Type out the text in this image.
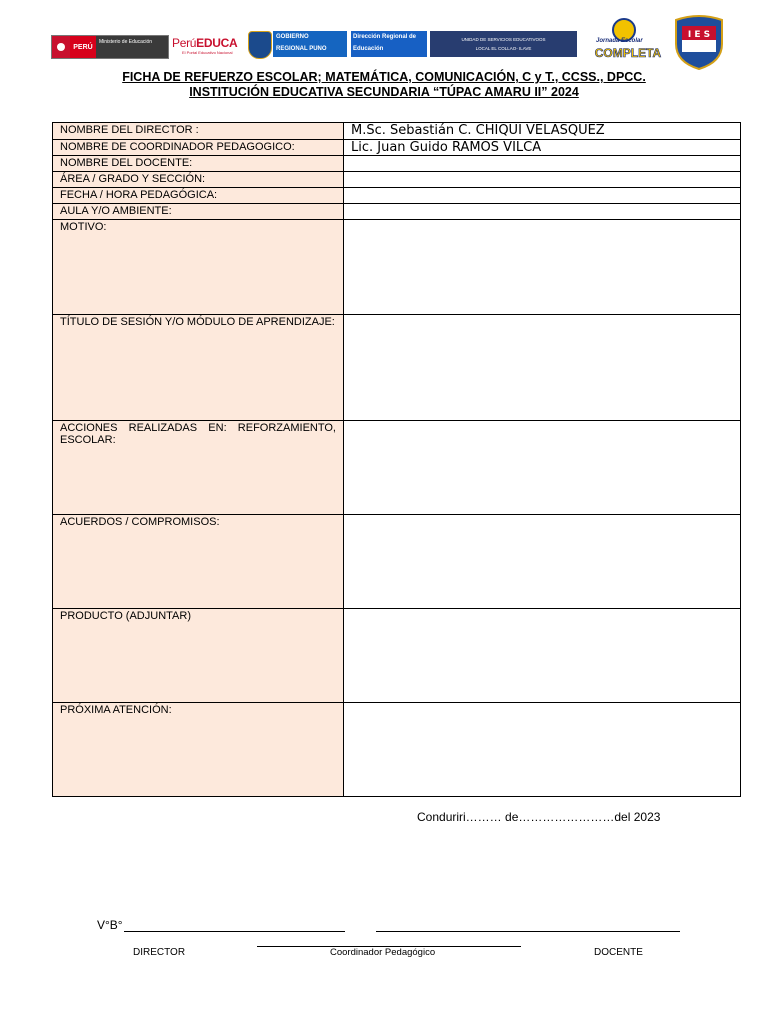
PERÚ
Ministerio de Educación	PerúEDUCA
El Portal Educativo Nacional
GOBIERNO
REGIONAL PUNO
Dirección Regional de
Educación
UNIDAD DE SERVICIOS EDUCATIVOOS
LOCAL EL COLLAO- ILAVE
Jornada Escolar
COMPLETA
I E S
FICHA DE REFUERZO ESCOLAR; MATEMÁTICA, COMUNICACIÓN, C y T., CCSS., DPCC.
INSTITUCIÓN EDUCATIVA SECUNDARIA “TÚPAC AMARU II” 2024
NOMBRE DEL DIRECTOR :	M.Sc. Sebastián C. CHIQUI VELASQUEZ
NOMBRE DE COORDINADOR PEDAGOGICO:	Lic. Juan Guido RAMOS VILCA
NOMBRE DEL DOCENTE:
ÁREA / GRADO Y SECCIÓN:
FECHA / HORA PEDAGÓGICA:
AULA Y/O AMBIENTE:
MOTIVO:
TÍTULO DE SESIÓN Y/O MÓDULO DE APRENDIZAJE:
ACCIONES REALIZADAS EN: REFORZAMIENTO, ESCOLAR:
ACUERDOS / COMPROMISOS:
PRODUCTO (ADJUNTAR)
PRÓXIMA ATENCIÓN:
Conduriri……… de……………………del 2023
V°B°
DIRECTOR	Coordinador Pedagógico	DOCENTE
